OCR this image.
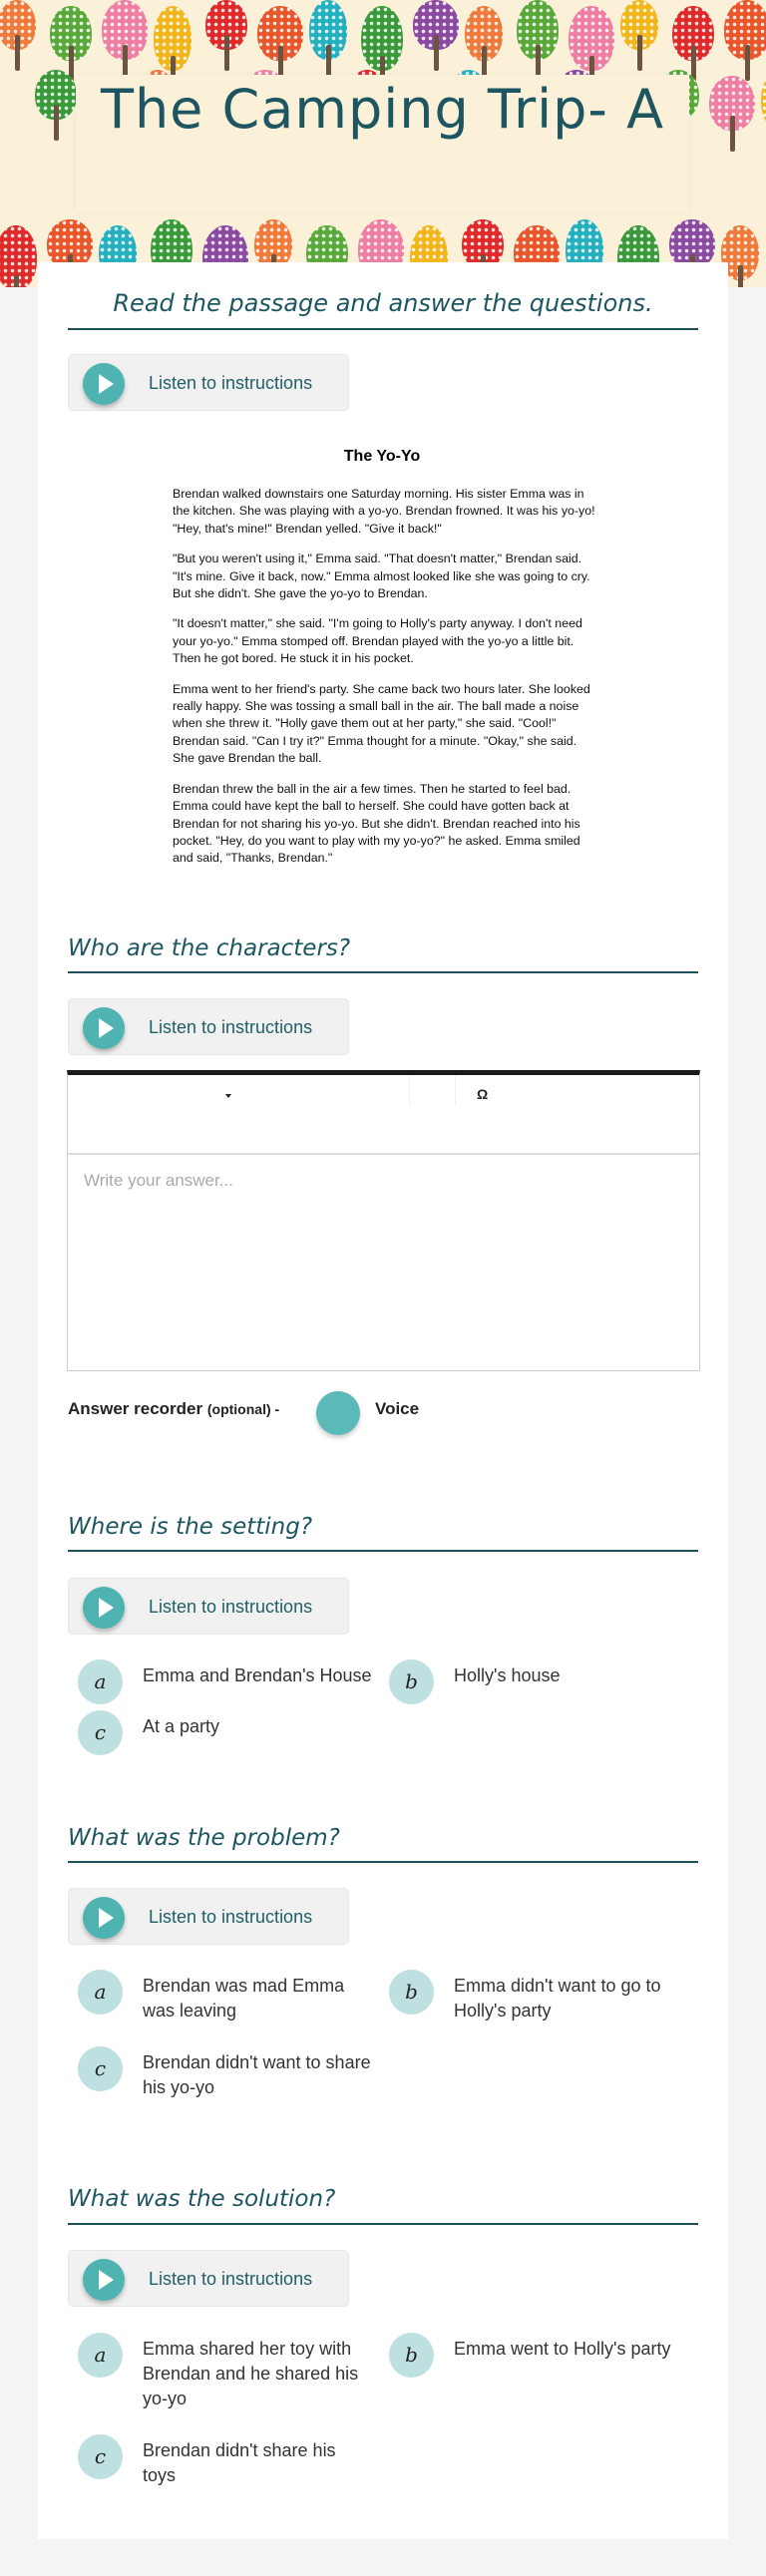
The Camping Trip- A
Read the passage and answer the questions.
Listen to instructions
The Yo-Yo

Brendan walked downstairs one Saturday morning. His sister Emma was in the kitchen. She was playing with a yo-yo. Brendan frowned. It was his yo-yo! "Hey, that's mine!" Brendan yelled. "Give it back!"

"But you weren't using it," Emma said. "That doesn't matter," Brendan said. "It's mine. Give it back, now." Emma almost looked like she was going to cry. But she didn't. She gave the yo-yo to Brendan.

"It doesn't matter," she said. "I'm going to Holly's party anyway. I don't need your yo-yo." Emma stomped off. Brendan played with the yo-yo a little bit. Then he got bored. He stuck it in his pocket.

Emma went to her friend's party. She came back two hours later. She looked really happy. She was tossing a small ball in the air. The ball made a noise when she threw it. "Holly gave them out at her party," she said. "Cool!" Brendan said. "Can I try it?" Emma thought for a minute. "Okay," she said. She gave Brendan the ball.

Brendan threw the ball in the air a few times. Then he started to feel bad. Emma could have kept the ball to herself. She could have gotten back at Brendan for not sharing his yo-yo. But she didn't. Brendan reached into his pocket. "Hey, do you want to play with my yo-yo?" he asked. Emma smiled and said, "Thanks, Brendan."

Who are the characters?
Listen to instructions
Ω
Write your answer...
Answer recorder (optional) -	Voice
Where is the setting?
Listen to instructions
a	Emma and Brendan's House	b	Holly's house
c	At a party
What was the problem?
Listen to instructions
a	Brendan was mad Emma was leaving
b	Emma didn't want to go to Holly's party
c	Brendan didn't want to share his yo-yo
What was the solution?
Listen to instructions
a	Emma shared her toy with Brendan and he shared his yo-yo
b	Emma went to Holly's party
c	Brendan didn't share his toys
